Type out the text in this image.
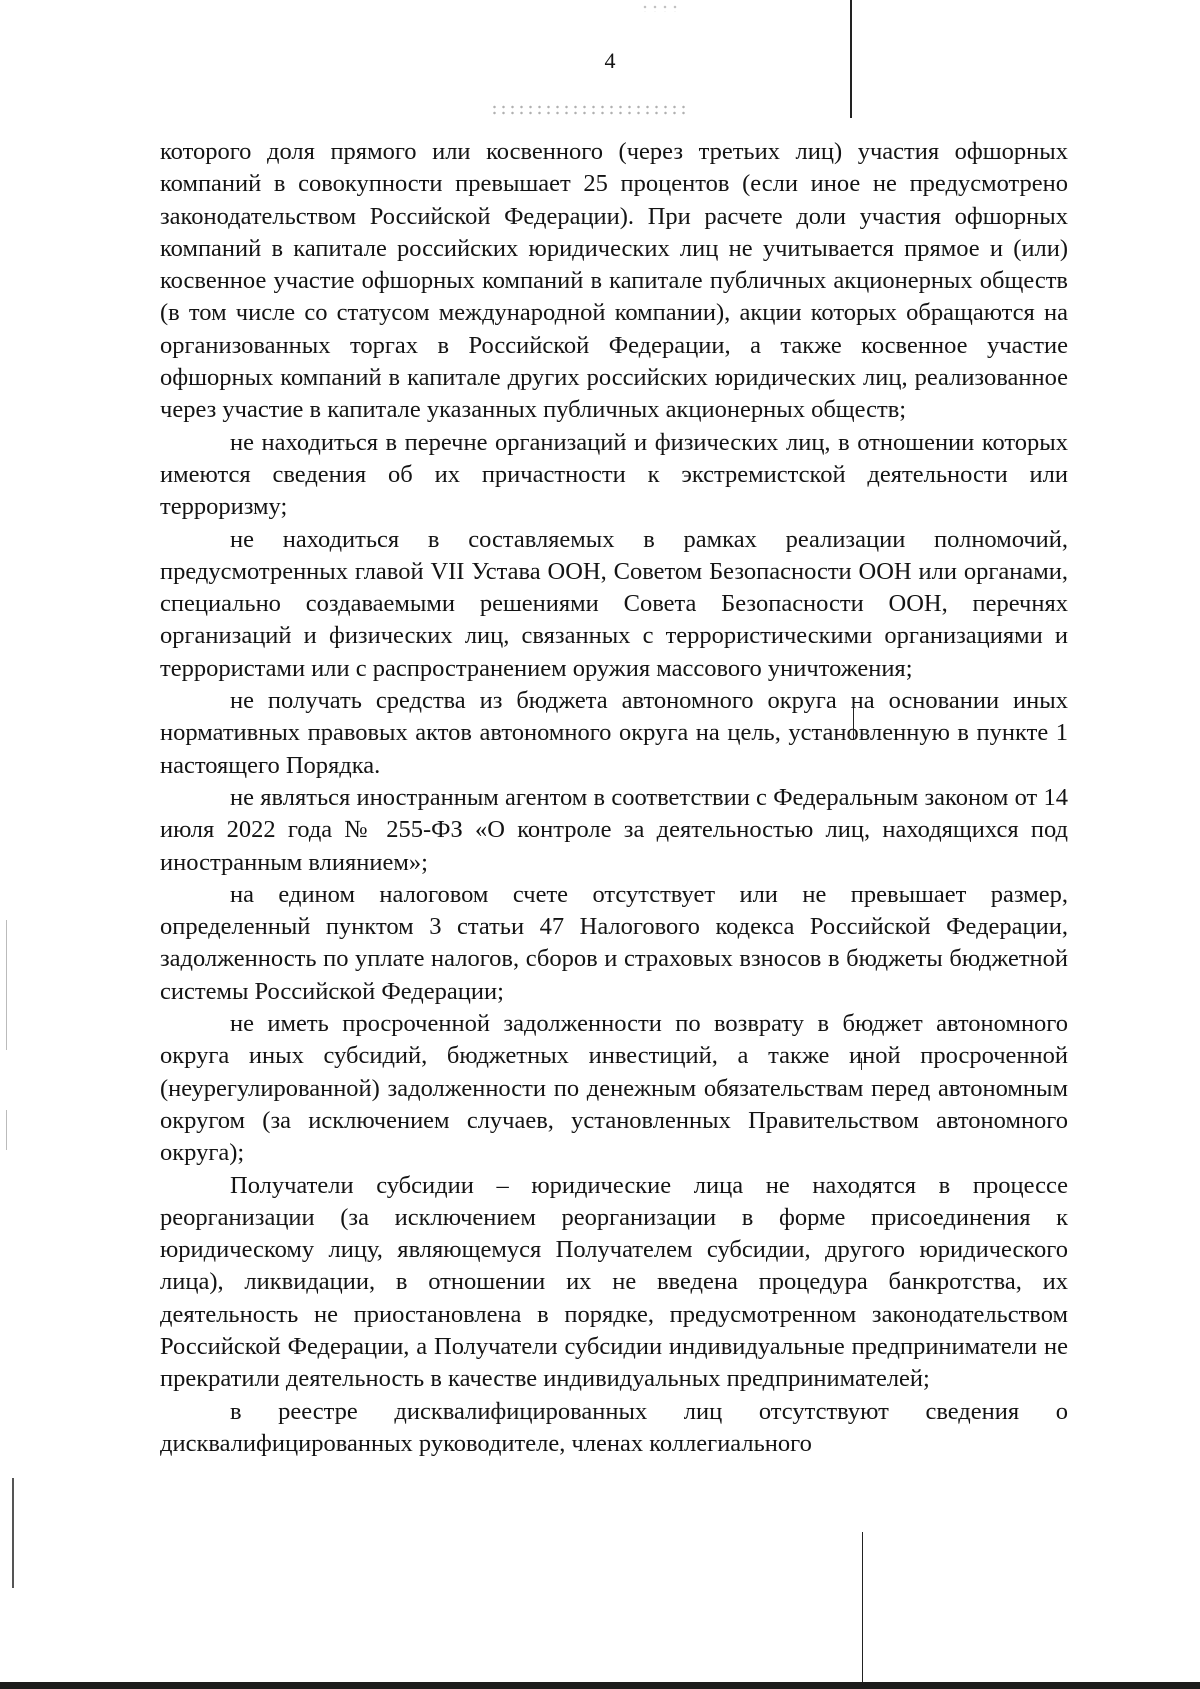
4

которого доля прямого или косвенного (через третьих лиц) участия офшорных компаний в совокупности превышает 25 процентов (если иное не предусмотрено законодательством Российской Федерации). При расчете доли участия офшорных компаний в капитале российских юридических лиц не учитывается прямое и (или) косвенное участие офшорных компаний в капитале публичных акционерных обществ (в том числе со статусом международной компании), акции которых обращаются на организованных торгах в Российской Федерации, а также косвенное участие офшорных компаний в капитале других российских юридических лиц, реализованное через участие в капитале указанных публичных акционерных обществ;

не находиться в перечне организаций и физических лиц, в отношении которых имеются сведения об их причастности к экстремистской деятельности или терроризму;

не находиться в составляемых в рамках реализации полномочий, предусмотренных главой VII Устава ООН, Советом Безопасности ООН или органами, специально создаваемыми решениями Совета Безопасности ООН, перечнях организаций и физических лиц, связанных с террористическими организациями и террористами или с распространением оружия массового уничтожения;

не получать средства из бюджета автономного округа на основании иных нормативных правовых актов автономного округа на цель, установленную в пункте 1 настоящего Порядка.

не являться иностранным агентом в соответствии с Федеральным законом от 14 июля 2022 года № 255-ФЗ «О контроле за деятельностью лиц, находящихся под иностранным влиянием»;

на едином налоговом счете отсутствует или не превышает размер, определенный пунктом 3 статьи 47 Налогового кодекса Российской Федерации, задолженность по уплате налогов, сборов и страховых взносов в бюджеты бюджетной системы Российской Федерации;

не иметь просроченной задолженности по возврату в бюджет автономного округа иных субсидий, бюджетных инвестиций, а также иной просроченной (неурегулированной) задолженности по денежным обязательствам перед автономным округом (за исключением случаев, установленных Правительством автономного округа);

Получатели субсидии – юридические лица не находятся в процессе реорганизации (за исключением реорганизации в форме присоединения к юридическому лицу, являющемуся Получателем субсидии, другого юридического лица), ликвидации, в отношении их не введена процедура банкротства, их деятельность не приостановлена в порядке, предусмотренном законодательством Российской Федерации, а Получатели субсидии индивидуальные предприниматели не прекратили деятельность в качестве индивидуальных предпринимателей;

в реестре дисквалифицированных лиц отсутствуют сведения о дисквалифицированных руководителе, членах коллегиального
